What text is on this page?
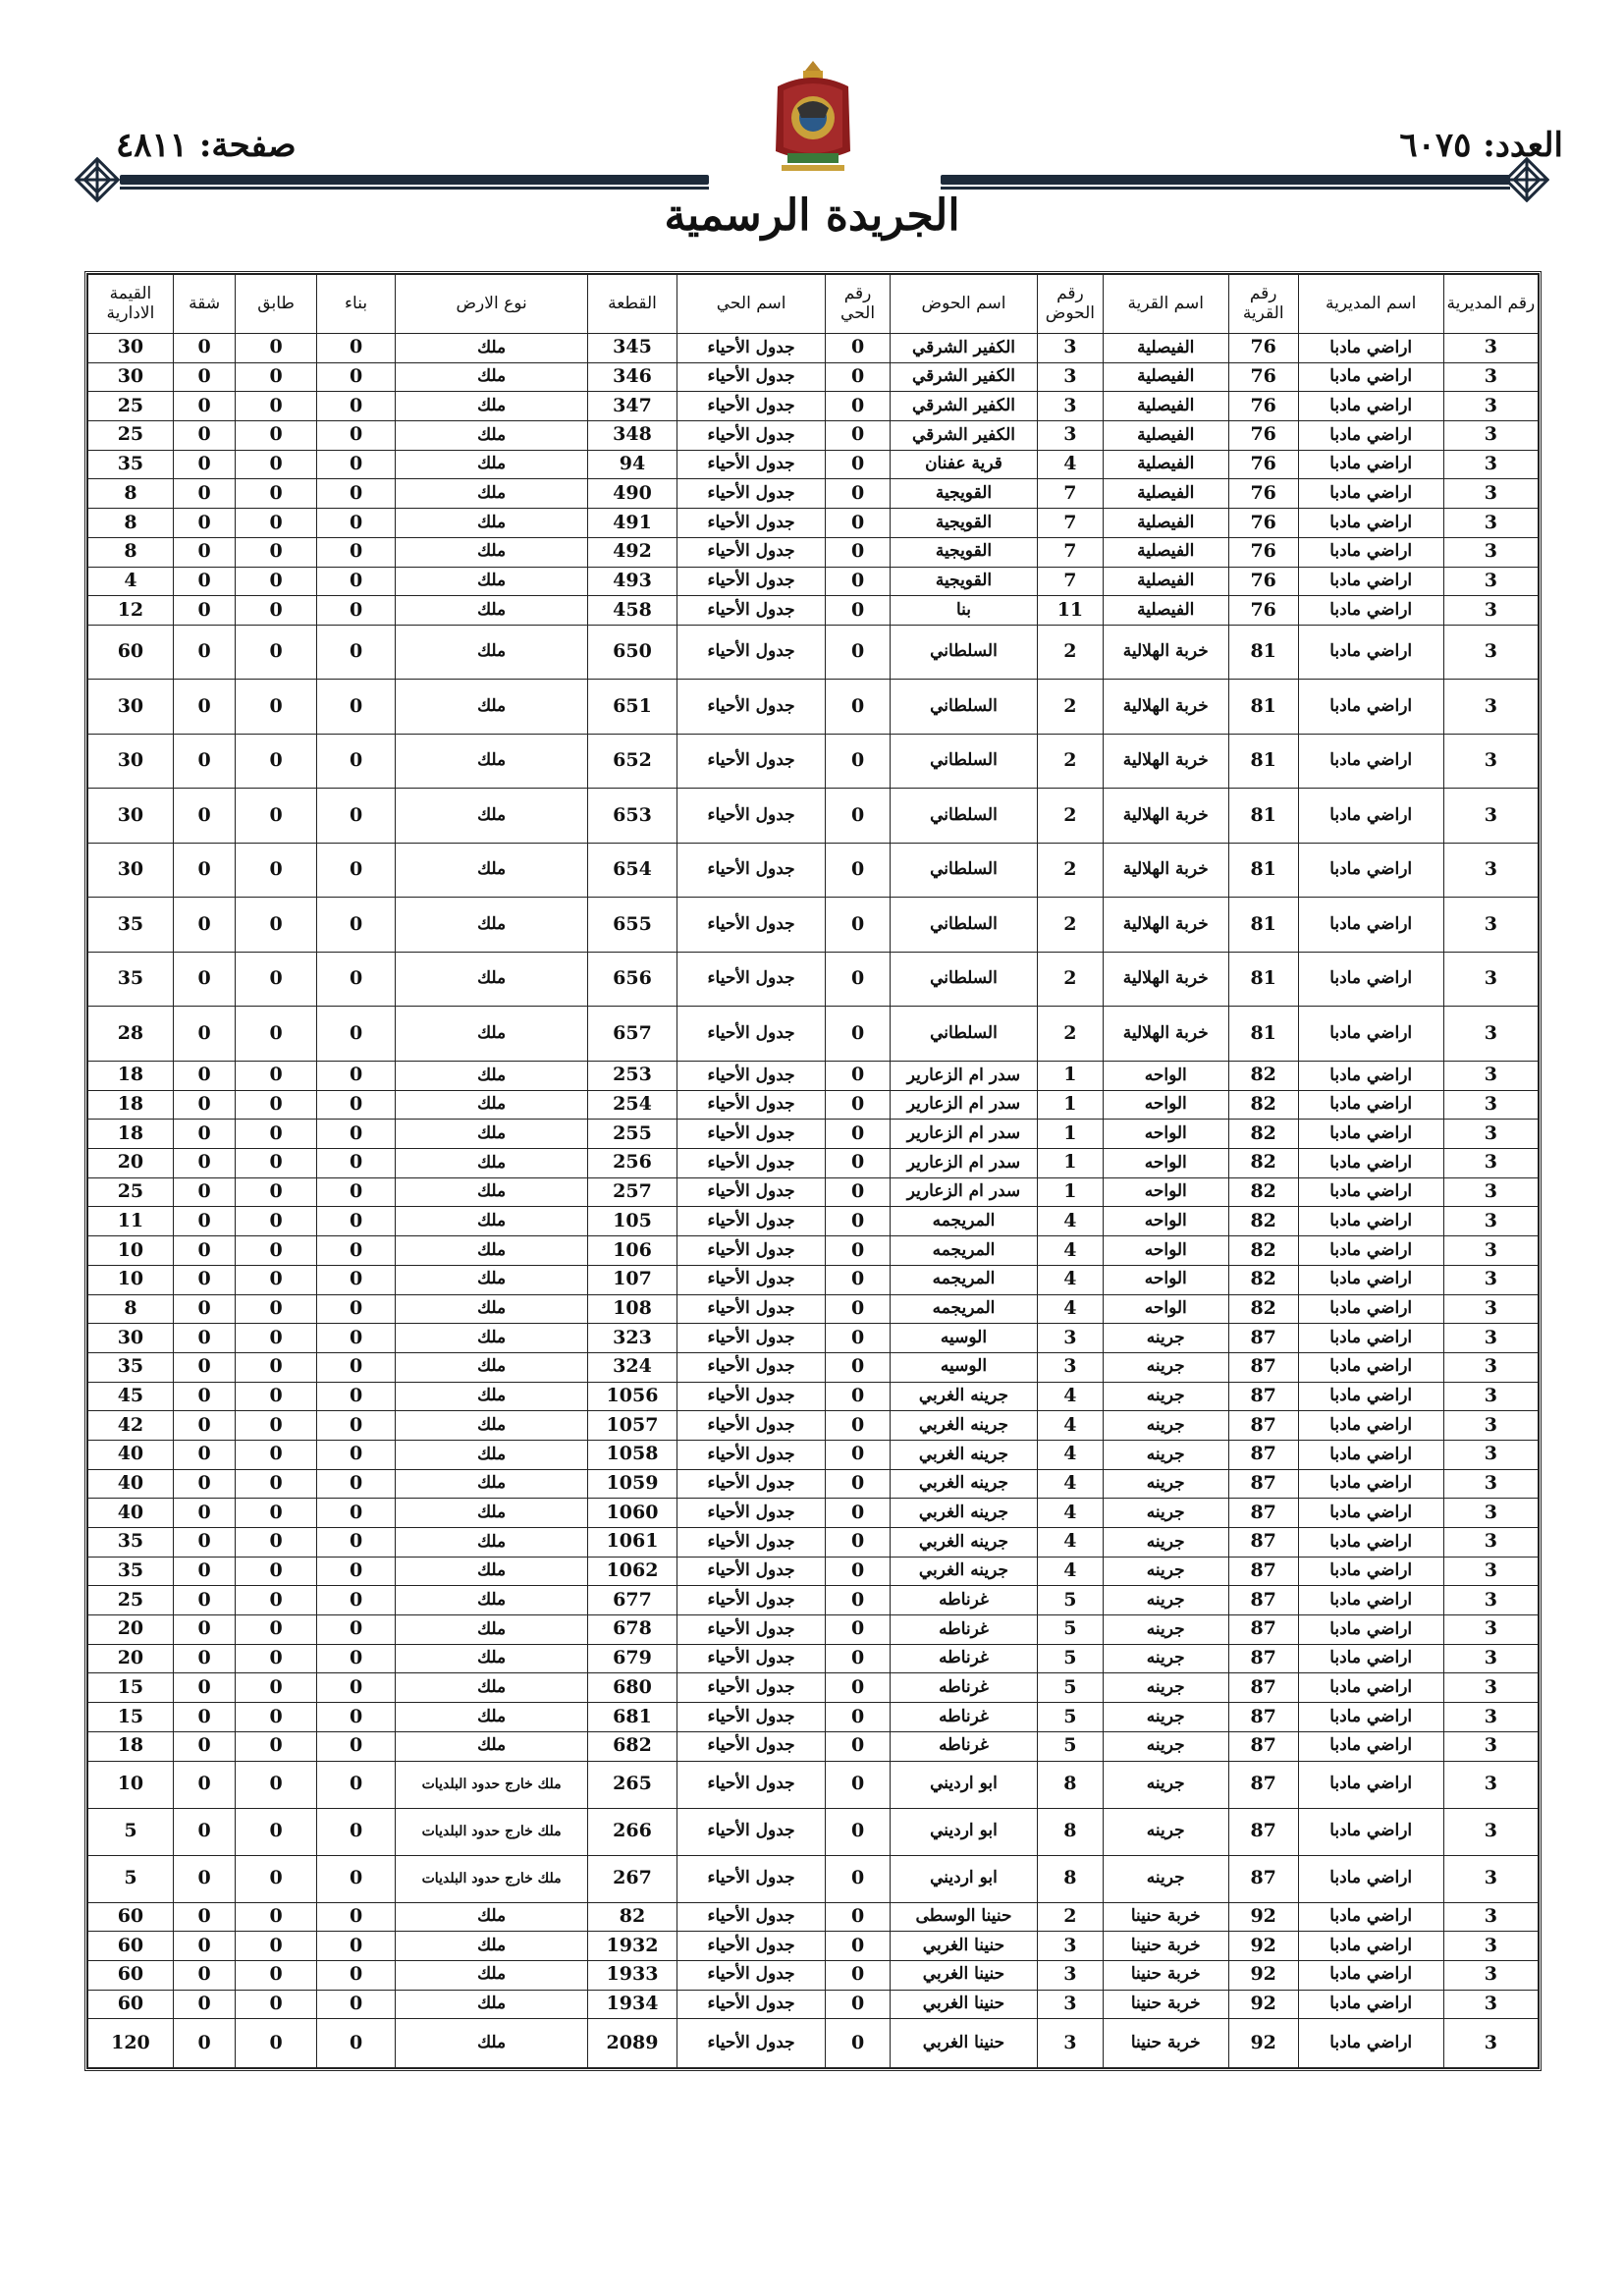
العدد: ٦٠٧٥
صفحة: ٤٨١١
الجريدة الرسمية
رقم المديرية	اسم المديرية	رقم القرية	اسم القرية	رقم الحوض	اسم الحوض	رقم الحي	اسم الحي	القطعة	نوع الارض	بناء	طابق	شقة	القيمة الادارية
3	اراضي مادبا	76	الفيصلية	3	الكفير الشرقي	0	جدول الأحياء	345	ملك	0	0	0	30
3	اراضي مادبا	76	الفيصلية	3	الكفير الشرقي	0	جدول الأحياء	346	ملك	0	0	0	30
3	اراضي مادبا	76	الفيصلية	3	الكفير الشرقي	0	جدول الأحياء	347	ملك	0	0	0	25
3	اراضي مادبا	76	الفيصلية	3	الكفير الشرقي	0	جدول الأحياء	348	ملك	0	0	0	25
3	اراضي مادبا	76	الفيصلية	4	قرية عفنان	0	جدول الأحياء	94	ملك	0	0	0	35
3	اراضي مادبا	76	الفيصلية	7	القويجية	0	جدول الأحياء	490	ملك	0	0	0	8
3	اراضي مادبا	76	الفيصلية	7	القويجية	0	جدول الأحياء	491	ملك	0	0	0	8
3	اراضي مادبا	76	الفيصلية	7	القويجية	0	جدول الأحياء	492	ملك	0	0	0	8
3	اراضي مادبا	76	الفيصلية	7	القويجية	0	جدول الأحياء	493	ملك	0	0	0	4
3	اراضي مادبا	76	الفيصلية	11	بنا	0	جدول الأحياء	458	ملك	0	0	0	12
3	اراضي مادبا	81	خربة الهلالية	2	السلطاني	0	جدول الأحياء	650	ملك	0	0	0	60
3	اراضي مادبا	81	خربة الهلالية	2	السلطاني	0	جدول الأحياء	651	ملك	0	0	0	30
3	اراضي مادبا	81	خربة الهلالية	2	السلطاني	0	جدول الأحياء	652	ملك	0	0	0	30
3	اراضي مادبا	81	خربة الهلالية	2	السلطاني	0	جدول الأحياء	653	ملك	0	0	0	30
3	اراضي مادبا	81	خربة الهلالية	2	السلطاني	0	جدول الأحياء	654	ملك	0	0	0	30
3	اراضي مادبا	81	خربة الهلالية	2	السلطاني	0	جدول الأحياء	655	ملك	0	0	0	35
3	اراضي مادبا	81	خربة الهلالية	2	السلطاني	0	جدول الأحياء	656	ملك	0	0	0	35
3	اراضي مادبا	81	خربة الهلالية	2	السلطاني	0	جدول الأحياء	657	ملك	0	0	0	28
3	اراضي مادبا	82	الواحه	1	سدر ام الزعارير	0	جدول الأحياء	253	ملك	0	0	0	18
3	اراضي مادبا	82	الواحه	1	سدر ام الزعارير	0	جدول الأحياء	254	ملك	0	0	0	18
3	اراضي مادبا	82	الواحه	1	سدر ام الزعارير	0	جدول الأحياء	255	ملك	0	0	0	18
3	اراضي مادبا	82	الواحه	1	سدر ام الزعارير	0	جدول الأحياء	256	ملك	0	0	0	20
3	اراضي مادبا	82	الواحه	1	سدر ام الزعارير	0	جدول الأحياء	257	ملك	0	0	0	25
3	اراضي مادبا	82	الواحه	4	المريجمه	0	جدول الأحياء	105	ملك	0	0	0	11
3	اراضي مادبا	82	الواحه	4	المريجمه	0	جدول الأحياء	106	ملك	0	0	0	10
3	اراضي مادبا	82	الواحه	4	المريجمه	0	جدول الأحياء	107	ملك	0	0	0	10
3	اراضي مادبا	82	الواحه	4	المريجمه	0	جدول الأحياء	108	ملك	0	0	0	8
3	اراضي مادبا	87	جرينه	3	الوسيه	0	جدول الأحياء	323	ملك	0	0	0	30
3	اراضي مادبا	87	جرينه	3	الوسيه	0	جدول الأحياء	324	ملك	0	0	0	35
3	اراضي مادبا	87	جرينه	4	جرينه الغربي	0	جدول الأحياء	1056	ملك	0	0	0	45
3	اراضي مادبا	87	جرينه	4	جرينه الغربي	0	جدول الأحياء	1057	ملك	0	0	0	42
3	اراضي مادبا	87	جرينه	4	جرينه الغربي	0	جدول الأحياء	1058	ملك	0	0	0	40
3	اراضي مادبا	87	جرينه	4	جرينه الغربي	0	جدول الأحياء	1059	ملك	0	0	0	40
3	اراضي مادبا	87	جرينه	4	جرينه الغربي	0	جدول الأحياء	1060	ملك	0	0	0	40
3	اراضي مادبا	87	جرينه	4	جرينه الغربي	0	جدول الأحياء	1061	ملك	0	0	0	35
3	اراضي مادبا	87	جرينه	4	جرينه الغربي	0	جدول الأحياء	1062	ملك	0	0	0	35
3	اراضي مادبا	87	جرينه	5	غرناطه	0	جدول الأحياء	677	ملك	0	0	0	25
3	اراضي مادبا	87	جرينه	5	غرناطه	0	جدول الأحياء	678	ملك	0	0	0	20
3	اراضي مادبا	87	جرينه	5	غرناطه	0	جدول الأحياء	679	ملك	0	0	0	20
3	اراضي مادبا	87	جرينه	5	غرناطه	0	جدول الأحياء	680	ملك	0	0	0	15
3	اراضي مادبا	87	جرينه	5	غرناطه	0	جدول الأحياء	681	ملك	0	0	0	15
3	اراضي مادبا	87	جرينه	5	غرناطه	0	جدول الأحياء	682	ملك	0	0	0	18
3	اراضي مادبا	87	جرينه	8	ابو ارديني	0	جدول الأحياء	265	ملك خارج حدود البلديات	0	0	0	10
3	اراضي مادبا	87	جرينه	8	ابو ارديني	0	جدول الأحياء	266	ملك خارج حدود البلديات	0	0	0	5
3	اراضي مادبا	87	جرينه	8	ابو ارديني	0	جدول الأحياء	267	ملك خارج حدود البلديات	0	0	0	5
3	اراضي مادبا	92	خربة حنينا	2	حنينا الوسطى	0	جدول الأحياء	82	ملك	0	0	0	60
3	اراضي مادبا	92	خربة حنينا	3	حنينا الغربي	0	جدول الأحياء	1932	ملك	0	0	0	60
3	اراضي مادبا	92	خربة حنينا	3	حنينا الغربي	0	جدول الأحياء	1933	ملك	0	0	0	60
3	اراضي مادبا	92	خربة حنينا	3	حنينا الغربي	0	جدول الأحياء	1934	ملك	0	0	0	60
3	اراضي مادبا	92	خربة حنينا	3	حنينا الغربي	0	جدول الأحياء	2089	ملك	0	0	0	120
